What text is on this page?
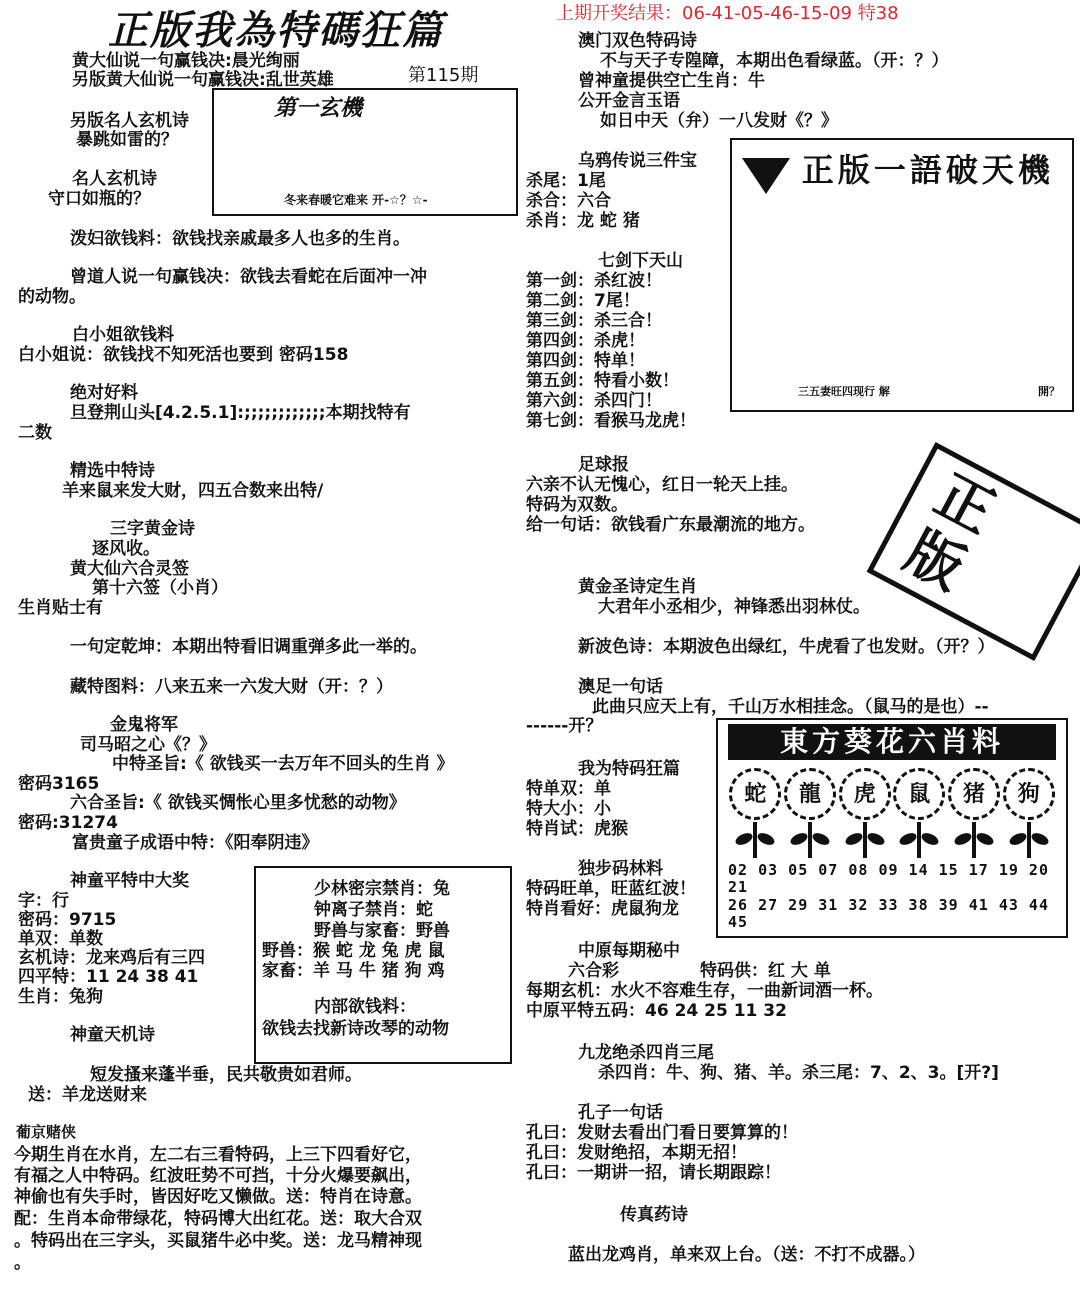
正版我為特碼狂篇	上期开奖结果：06-41-05-46-15-09 特38
第115期
黄大仙说一句赢钱决:晨光绚丽
另版黄大仙说一句赢钱决:乱世英雄
第一玄機
冬来春暖它难来 开-☆？☆-
另版名人玄机诗
暴跳如雷的？
名人玄机诗
守口如瓶的？
泼妇欲钱料：欲钱找亲戚最多人也多的生肖。
曾道人说一句赢钱决：欲钱去看蛇在后面冲一冲
的动物。
白小姐欲钱料
白小姐说：欲钱找不知死活也要到 密码158
绝对好料
旦登荆山头[4.2.5.1]:;;;;;;;;;;;;本期找特有
二数
精选中特诗
羊来鼠来发大财，四五合数来出特/
三字黄金诗
逐风收。
黄大仙六合灵签
第十六签（小肖）
生肖贴士有
一句定乾坤：本期出特看旧调重弹多此一举的。
藏特图料：八来五来一六发大财（开：？）
金鬼将军
司马昭之心《？》
中特圣旨:《 欲钱买一去万年不回头的生肖 》
密码3165
六合圣旨:《 欲钱买惆怅心里多忧愁的动物》
密码:31274
富贵童子成语中特：《阳奉阴违》
神童平特中大奖
字：行
密码：9715
单双：单数
玄机诗：龙来鸡后有三四
四平特：11 24 38 41
生肖：兔狗
少林密宗禁肖：兔
钟离子禁肖：蛇
野兽与家畜：野兽
野兽：猴 蛇 龙 兔 虎 鼠
家畜：羊 马 牛 猪 狗 鸡
内部欲钱料：
欲钱去找新诗改琴的动物
神童天机诗
短发搔来蓬半垂，民共敬贵如君师。
送：羊龙送财来
葡京赌侠
今期生肖在水肖，左二右三看特码，上三下四看好它，
有福之人中特码。红波旺势不可挡，十分火爆要飙出，
神偷也有失手时，皆因好吃又懒做。送：特肖在诗意。
配：生肖本命带绿花，特码博大出红花。送：取大合双
。特码出在三字头，买鼠猪牛必中奖。送：龙马精神现
。
澳门双色特码诗
不与天子专隍障，本期出色看绿蓝。（开：？）
曾神童提供空亡生肖：牛
公开金言玉语
如日中天（弁）一八发财《？》
乌鸦传说三件宝
杀尾：1尾
杀合：六合
杀肖：龙 蛇 猪
正版一語破天機
三五妻旺四现行 解	開？
七剑下天山
第一剑：杀红波！
第二剑：7尾！
第三剑：杀三合！
第四剑：杀虎！
第四剑：特单！
第五剑：特看小数！
第六剑：杀四门！
第七剑：看猴马龙虎！
足球报
六亲不认无愧心，红日一轮天上挂。
特码为双数。
给一句话：欲钱看广东最潮流的地方。	正版
黄金圣诗定生肖
大君年小丞相少，神锋悉出羽林仗。
新波色诗：本期波色出绿红，牛虎看了也发财。（开？）
澳足一句话
此曲只应天上有，千山万水相挂念。（鼠马的是也）--
------开？	東方葵花六肖料
蛇	龍	虎	鼠	猪	狗
02 03 05 07 08 09 14 15 17 19 20 21
26 27 29 31 32 33 38 39 41 43 44 45
我为特码狂篇
特单双：单
特大小：小
特肖试：虎猴
独步码林料
特码旺单，旺蓝红波！
特肖看好：虎鼠狗龙
中原每期秘中
六合彩	特码供：红 大 单
每期玄机：水火不容难生存，一曲新词酒一杯。
中原平特五码：46 24 25 11 32
九龙绝杀四肖三尾
杀四肖：牛、狗、猪、羊。杀三尾：7、2、3。[开?]
孔子一句话
孔曰：发财去看出门看日要算算的！
孔曰：发财绝招，本期无招！
孔曰：一期讲一招，请长期跟踪！
传真药诗
蓝出龙鸡肖，单来双上台。（送：不打不成器。）
